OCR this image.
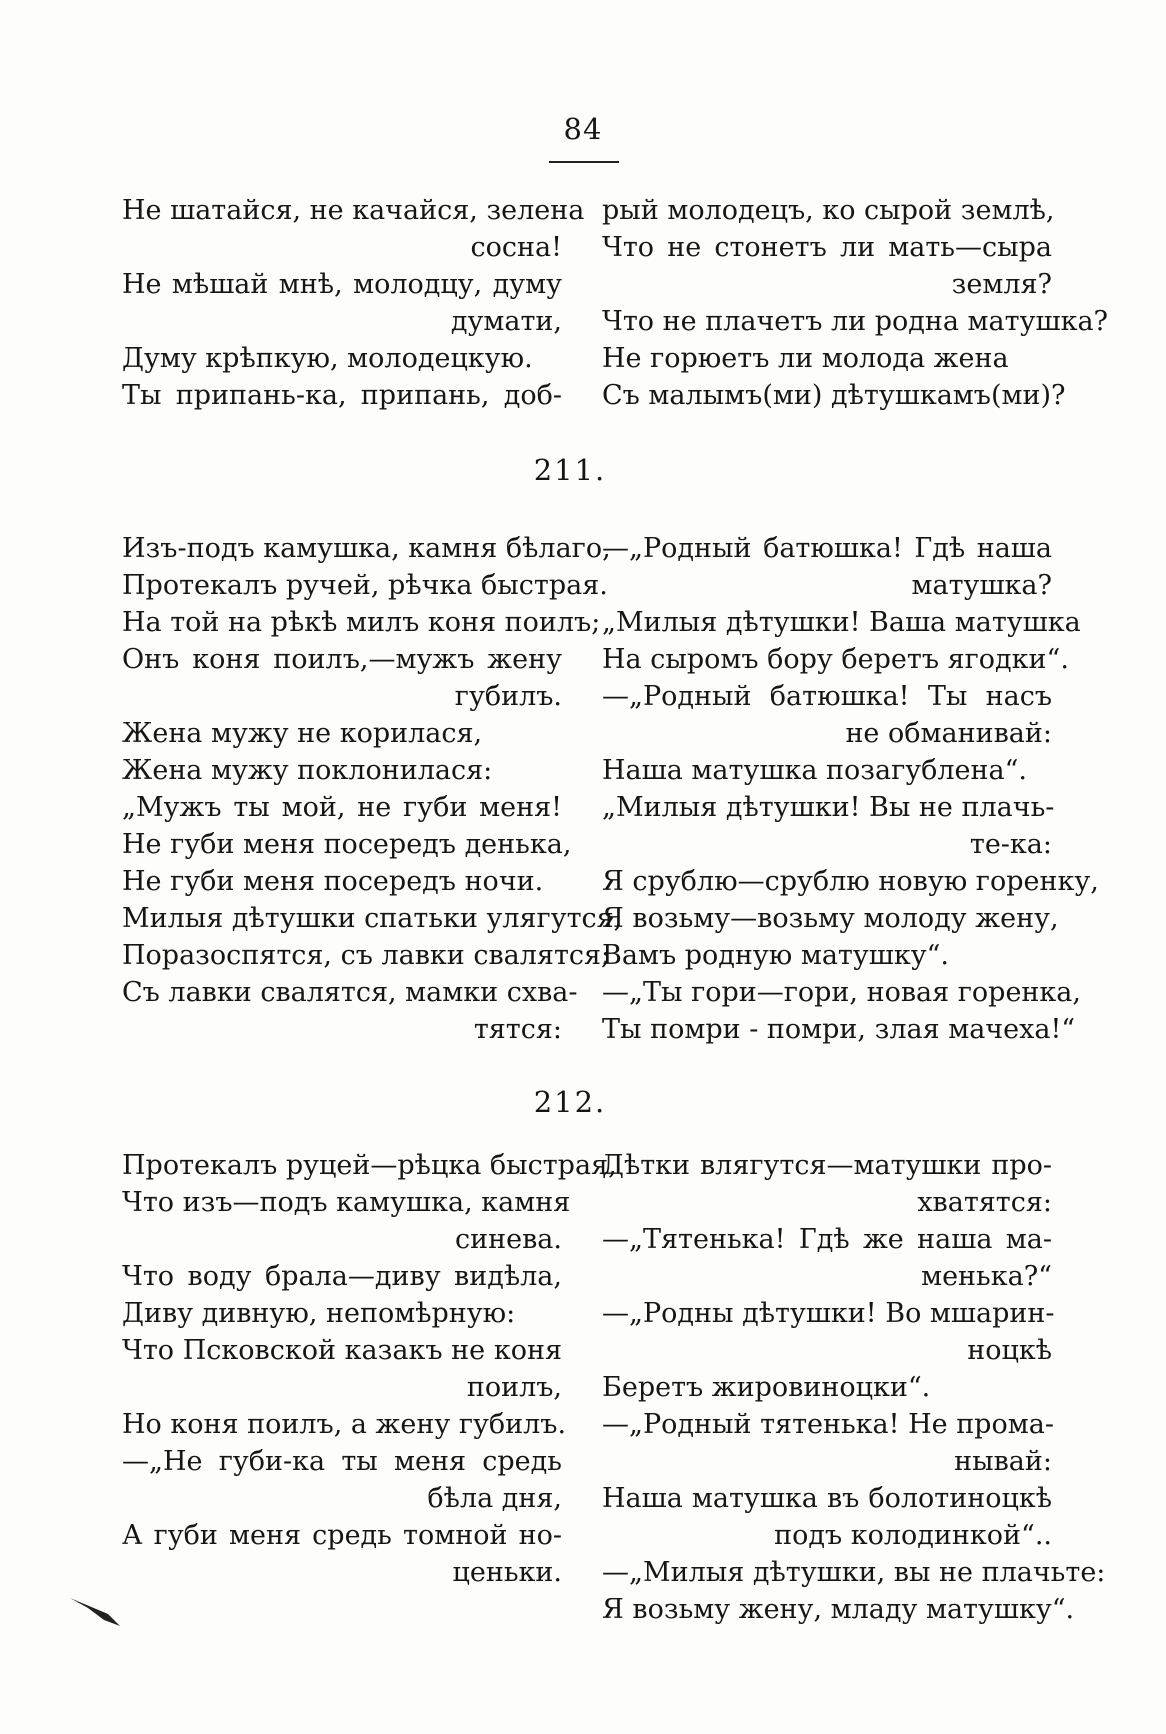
84
Не шатайся, не качайся, зелена
сосна!
Не мѣшай мнѣ, молодцу, думу
думати,
Думу крѣпкую, молодецкую.
Ты припань-ка, припань, доб-
рый молодецъ, ко сырой землѣ,
Что не стонетъ ли мать—сыра
земля?
Что не плачетъ ли родна матушка?
Не горюетъ ли молода жена
Съ малымъ(ми) дѣтушкамъ(ми)?
211.
Изъ-подъ камушка, камня бѣлаго,
Протекалъ ручей, рѣчка быстрая.
На той на рѣкѣ милъ коня поилъ;
Онъ коня поилъ,—мужъ жену
губилъ.
Жена мужу не корилася,
Жена мужу поклонилася:
„Мужъ ты мой, не губи меня!
Не губи меня посередъ денька,
Не губи меня посередъ ночи.
Милыя дѣтушки спатьки улягутся,
Поразоспятся, съ лавки свалятся;
Съ лавки свалятся, мамки схва-
тятся:
—„Родный батюшка! Гдѣ наша
матушка?
„Милыя дѣтушки! Ваша матушка
На сыромъ бору беретъ ягодки“.
—„Родный батюшка! Ты насъ
не обманивай:
Наша матушка позагублена“.
„Милыя дѣтушки! Вы не плачь-
те-ка:
Я срублю—срублю новую горенку,
Я возьму—возьму молоду жену,
Вамъ родную матушку“.
—„Ты гори—гори, новая горенка,
Ты помри - помри, злая мачеха!“
212.
Протекалъ руцей—рѣцка быстрая,
Что изъ—подъ камушка, камня
синева.
Что воду брала—диву видѣла,
Диву дивную, непомѣрную:
Что Псковской казакъ не коня
поилъ,
Но коня поилъ, а жену губилъ.
—„Не губи-ка ты меня средь
бѣла дня,
А губи меня средь томной но-
ценьки.
Дѣтки влягутся—матушки про-
хватятся:
—„Тятенька! Гдѣ же наша ма-
менька?“
—„Родны дѣтушки! Во мшарин-
ноцкѣ
Беретъ жировиноцки“.
—„Родный тятенька! Не прома-
нывай:
Наша матушка въ болотиноцкѣ
подъ колодинкой“..
—„Милыя дѣтушки, вы не плачьте:
Я возьму жену, младу матушку“.
